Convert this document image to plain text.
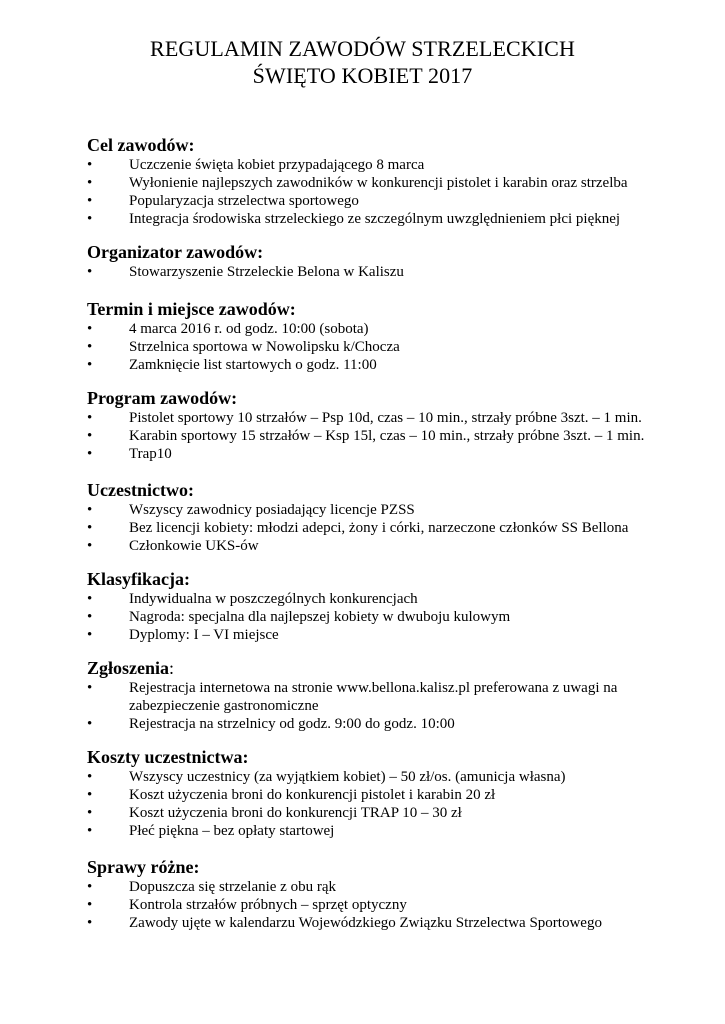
REGULAMIN ZAWODÓW STRZELECKICH
ŚWIĘTO KOBIET 2017
Cel zawodów:
• Uczczenie święta kobiet przypadającego 8 marca
• Wyłonienie najlepszych zawodników w konkurencji pistolet i karabin oraz strzelba
• Popularyzacja strzelectwa sportowego
• Integracja środowiska strzeleckiego ze szczególnym uwzględnieniem płci pięknej
Organizator zawodów:
• Stowarzyszenie Strzeleckie Belona w Kaliszu
Termin i miejsce zawodów:
• 4 marca 2016 r. od godz. 10:00 (sobota)
• Strzelnica sportowa w Nowolipsku k/Chocza
• Zamknięcie list startowych o godz. 11:00
Program zawodów:
• Pistolet sportowy 10 strzałów – Psp 10d, czas – 10 min., strzały próbne 3szt. – 1 min.
• Karabin sportowy 15 strzałów – Ksp 15l, czas – 10 min., strzały próbne 3szt. – 1 min.
• Trap10
Uczestnictwo:
• Wszyscy zawodnicy posiadający licencje PZSS
• Bez licencji kobiety: młodzi adepci, żony i córki, narzeczone członków SS Bellona
• Członkowie UKS-ów
Klasyfikacja:
• Indywidualna w poszczególnych konkurencjach
• Nagroda: specjalna dla najlepszej kobiety w dwuboju kulowym
• Dyplomy: I – VI miejsce
Zgłoszenia:
• Rejestracja internetowa na stronie www.bellona.kalisz.pl preferowana z uwagi na zabezpieczenie gastronomiczne
• Rejestracja na strzelnicy od godz. 9:00 do godz. 10:00
Koszty uczestnictwa:
• Wszyscy uczestnicy (za wyjątkiem kobiet) – 50 zł/os. (amunicja własna)
• Koszt użyczenia broni do konkurencji pistolet i karabin 20 zł
• Koszt użyczenia broni do konkurencji TRAP 10 – 30 zł
• Płeć piękna – bez opłaty startowej
Sprawy różne:
• Dopuszcza się strzelanie z obu rąk
• Kontrola strzałów próbnych – sprzęt optyczny
• Zawody ujęte w kalendarzu Wojewódzkiego Związku Strzelectwa Sportowego
